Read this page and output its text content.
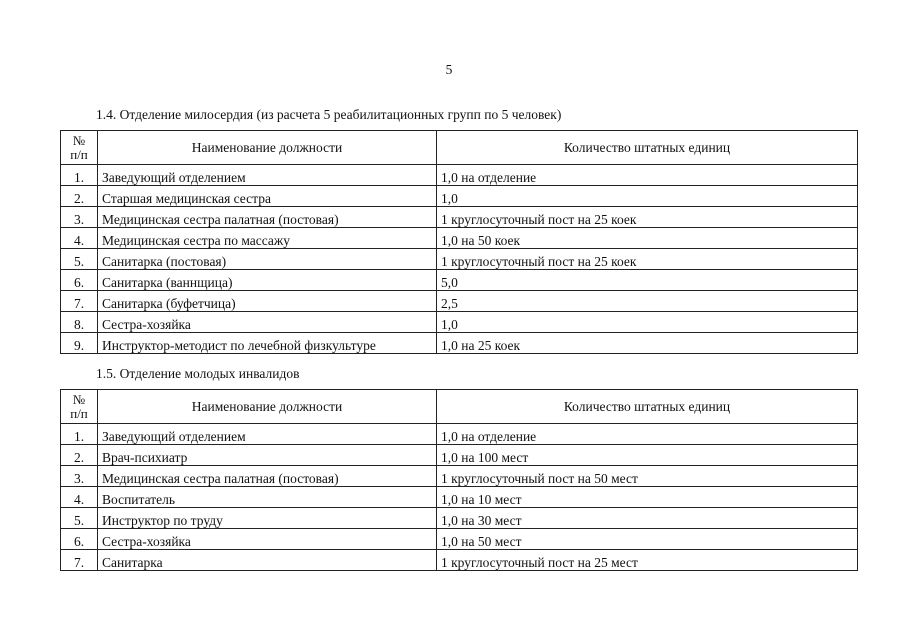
5
1.4. Отделение милосердия (из расчета 5 реабилитационных групп по 5 человек)
№
п/п	Наименование должности	Количество штатных единиц
1.	Заведующий отделением	1,0 на отделение
2.	Старшая медицинская сестра	1,0
3.	Медицинская сестра палатная (постовая)	1 круглосуточный пост на 25 коек
4.	Медицинская сестра по массажу	1,0 на 50 коек
5.	Санитарка (постовая)	1 круглосуточный пост на 25 коек
6.	Санитарка (ваннщица)	5,0
7.	Санитарка (буфетчица)	2,5
8.	Сестра-хозяйка	1,0
9.	Инструктор-методист по лечебной физкультуре	1,0 на 25 коек
1.5. Отделение молодых инвалидов
№
п/п	Наименование должности	Количество штатных единиц
1.	Заведующий отделением	1,0 на отделение
2.	Врач-психиатр	1,0 на 100 мест
3.	Медицинская сестра палатная (постовая)	1 круглосуточный пост на 50 мест
4.	Воспитатель	1,0 на 10 мест
5.	Инструктор по труду	1,0 на 30 мест
6.	Сестра-хозяйка	1,0 на 50 мест
7.	Санитарка	1 круглосуточный пост на 25 мест
